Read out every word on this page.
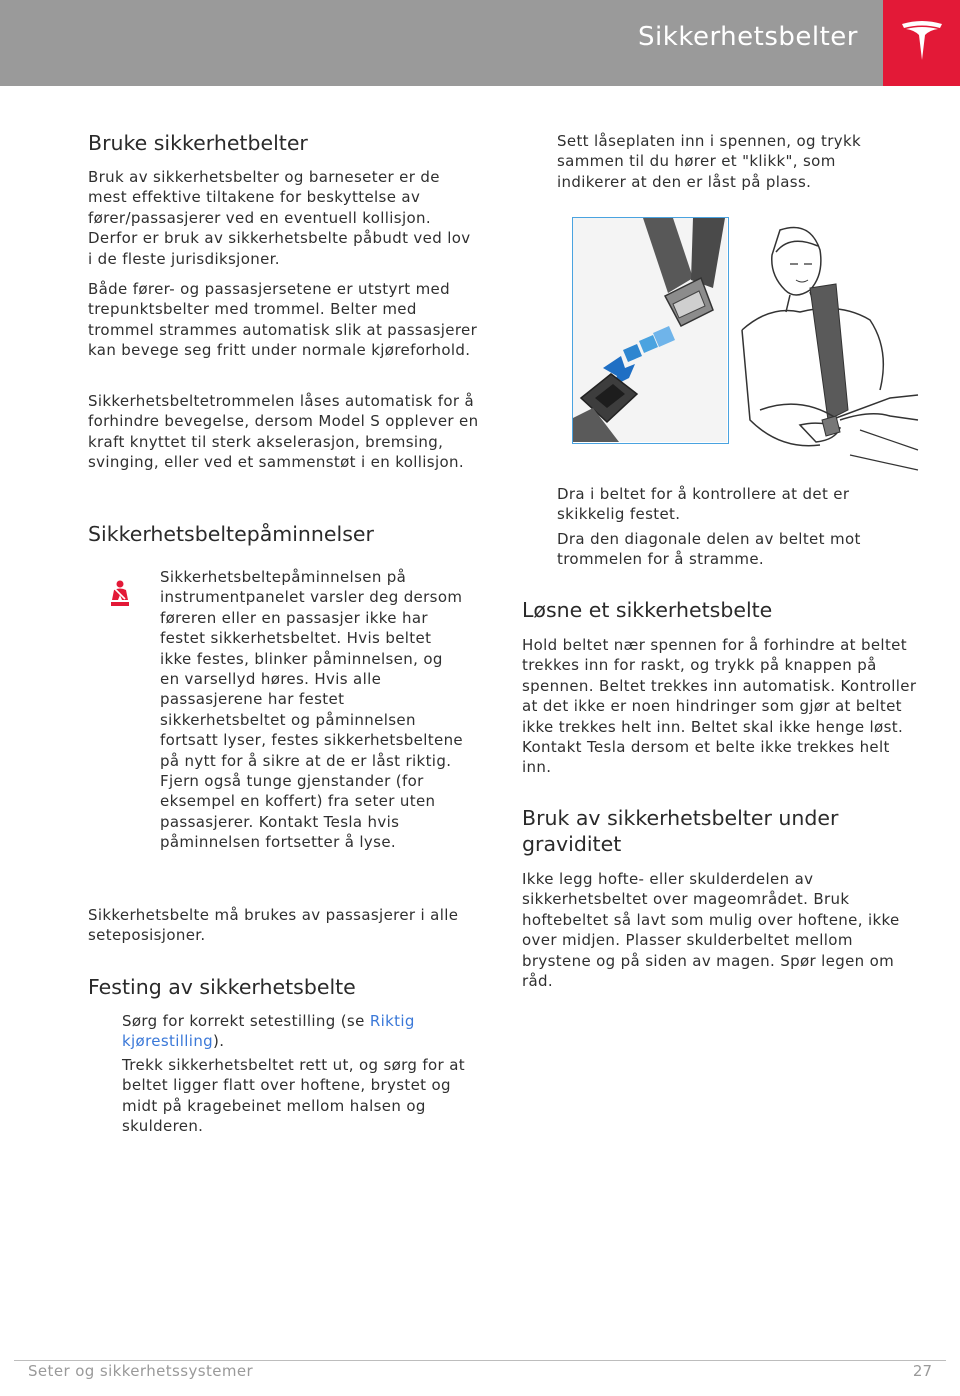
Sikkerhetsbelter
Bruke sikkerhetbelter

Bruk av sikkerhetsbelter og barneseter er de mest effektive tiltakene for beskyttelse av fører/passasjerer ved en eventuell kollisjon. Derfor er bruk av sikkerhetsbelte påbudt ved lov i de fleste jurisdiksjoner.

Både fører- og passasjersetene er utstyrt med trepunktsbelter med trommel. Belter med trommel strammes automatisk slik at passasjerer kan bevege seg fritt under normale kjøreforhold.

Sikkerhetsbeltetrommelen låses automatisk for å forhindre bevegelse, dersom Model S opplever en kraft knyttet til sterk akselerasjon, bremsing, svinging, eller ved et sammenstøt i en kollisjon.

Sikkerhetsbeltepåminnelser

Sikkerhetsbeltepåminnelsen på instrumentpanelet varsler deg dersom føreren eller en passasjer ikke har festet sikkerhetsbeltet. Hvis beltet ikke festes, blinker påminnelsen, og en varsellyd høres. Hvis alle passasjerene har festet sikkerhetsbeltet og påminnelsen fortsatt lyser, festes sikkerhetsbeltene på nytt for å sikre at de er låst riktig. Fjern også tunge gjenstander (for eksempel en koffert) fra seter uten passasjerer. Kontakt Tesla hvis påminnelsen fortsetter å lyse.

Sikkerhetsbelte må brukes av passasjerer i alle seteposisjoner.

Festing av sikkerhetsbelte

Sørg for korrekt setestilling (se Riktig kjørestilling).

Trekk sikkerhetsbeltet rett ut, og sørg for at beltet ligger flatt over hoftene, brystet og midt på kragebeinet mellom halsen og skulderen.

Sett låseplaten inn i spennen, og trykk sammen til du hører et "klikk", som indikerer at den er låst på plass.

Dra i beltet for å kontrollere at det er skikkelig festet.

Dra den diagonale delen av beltet mot trommelen for å stramme.

Løsne et sikkerhetsbelte

Hold beltet nær spennen for å forhindre at beltet trekkes inn for raskt, og trykk på knappen på spennen. Beltet trekkes inn automatisk. Kontroller at det ikke er noen hindringer som gjør at beltet ikke trekkes helt inn. Beltet skal ikke henge løst. Kontakt Tesla dersom et belte ikke trekkes helt inn.

Bruk av sikkerhetsbelter under graviditet

Ikke legg hofte- eller skulderdelen av sikkerhetsbeltet over mageområdet. Bruk hoftebeltet så lavt som mulig over hoftene, ikke over midjen. Plasser skulderbeltet mellom brystene og på siden av magen. Spør legen om råd.

Seter og sikkerhetssystemer	27
